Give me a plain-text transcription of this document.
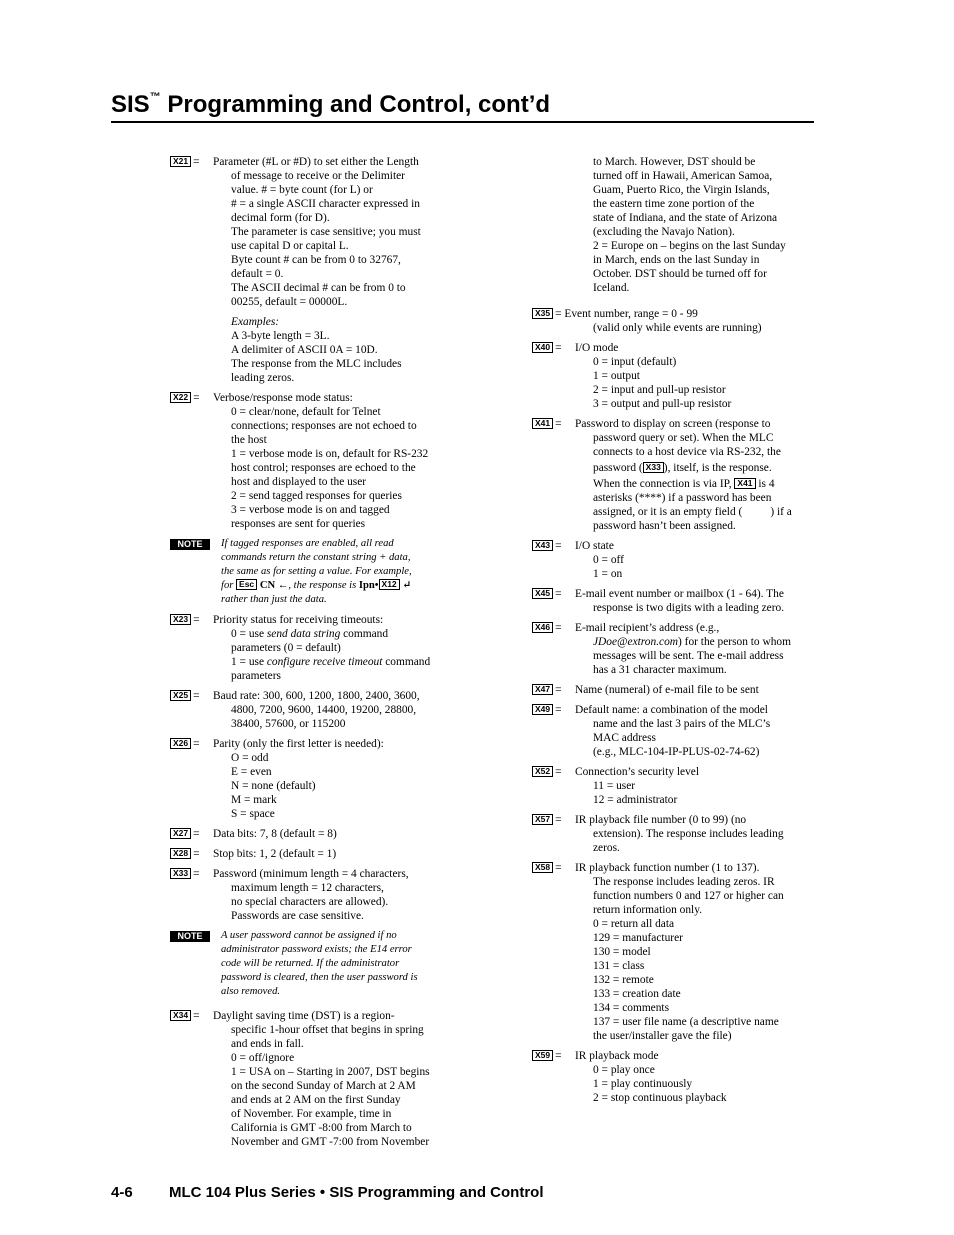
SIS™ Programming and Control, cont’d
X21 = Parameter (#L or #D) to set either the Length
of message to receive or the Delimiter
value. # = byte count (for L) or
# = a single ASCII character expressed in
decimal form (for D).
The parameter is case sensitive; you must
use capital D or capital L.
Byte count # can be from 0 to 32767,
default = 0.
The ASCII decimal # can be from 0 to
00255, default = 00000L.
Examples:
A 3-byte length = 3L.
A delimiter of ASCII 0A = 10D.
The response from the MLC includes
leading zeros.
X22 = Verbose/response mode status:
0 = clear/none, default for Telnet
connections; responses are not echoed to
the host
1 = verbose mode is on, default for RS-232
host control; responses are echoed to the
host and displayed to the user
2 = send tagged responses for queries
3 = verbose mode is on and tagged
responses are sent for queries
NOTE	If tagged responses are enabled, all read
commands return the constant string + data,
the same as for setting a value. For example,
for Esc CN ←, the response is Ipn• X12 ↵
rather than just the data.
X23 = Priority status for receiving timeouts:
0 = use send data string command
parameters (0 = default)
1 = use configure receive timeout command
parameters
X25 = Baud rate: 300, 600, 1200, 1800, 2400, 3600,
4800, 7200, 9600, 14400, 19200, 28800,
38400, 57600, or 115200
X26 = Parity (only the first letter is needed):
O = odd
E = even
N = none (default)
M = mark
S = space
X27 = Data bits: 7, 8 (default = 8)
X28 = Stop bits: 1, 2 (default = 1)
X33 = Password (minimum length = 4 characters,
maximum length = 12 characters,
no special characters are allowed).
Passwords are case sensitive.
NOTE	A user password cannot be assigned if no
administrator password exists; the E14 error
code will be returned. If the administrator
password is cleared, then the user password is
also removed.
X34 = Daylight saving time (DST) is a region-
specific 1-hour offset that begins in spring
and ends in fall.
0 = off/ignore
1 = USA on – Starting in 2007, DST begins
on the second Sunday of March at 2 AM
and ends at 2 AM on the first Sunday
of November. For example, time in
California is GMT -8:00 from March to
November and GMT -7:00 from November
to March. However, DST should be
turned off in Hawaii, American Samoa,
Guam, Puerto Rico, the Virgin Islands,
the eastern time zone portion of the
state of Indiana, and the state of Arizona
(excluding the Navajo Nation).
2 = Europe on – begins on the last Sunday
in March, ends on the last Sunday in
October. DST should be turned off for
Iceland.
X35 = Event number, range = 0 - 99
(valid only while events are running)
X40 = I/O mode
0 = input (default)
1 = output
2 = input and pull-up resistor
3 = output and pull-up resistor
X41 = Password to display on screen (response to
password query or set). When the MLC
connects to a host device via RS-232, the
password ( X33 ), itself, is the response.
When the connection is via IP, X41 is 4
asterisks (****) if a password has been
assigned, or it is an empty field ( ) if a
password hasn’t been assigned.
X43 = I/O state
0 = off
1 = on
X45 = E-mail event number or mailbox (1 - 64). The
response is two digits with a leading zero.
X46 = E-mail recipient’s address (e.g.,
JDoe@extron.com) for the person to whom
messages will be sent. The e-mail address
has a 31 character maximum.
X47 = Name (numeral) of e-mail file to be sent
X49 = Default name: a combination of the model
name and the last 3 pairs of the MLC’s
MAC address
(e.g., MLC-104-IP-PLUS-02-74-62)
X52 = Connection’s security level
11 = user
12 = administrator
X57 = IR playback file number (0 to 99) (no
extension). The response includes leading
zeros.
X58 = IR playback function number (1 to 137).
The response includes leading zeros. IR
function numbers 0 and 127 or higher can
return information only.
0 = return all data
129 = manufacturer
130 = model
131 = class
132 = remote
133 = creation date
134 = comments
137 = user file name (a descriptive name
the user/installer gave the file)
X59 = IR playback mode
0 = play once
1 = play continuously
2 = stop continuous playback
4-6 MLC 104 Plus Series • SIS Programming and Control
